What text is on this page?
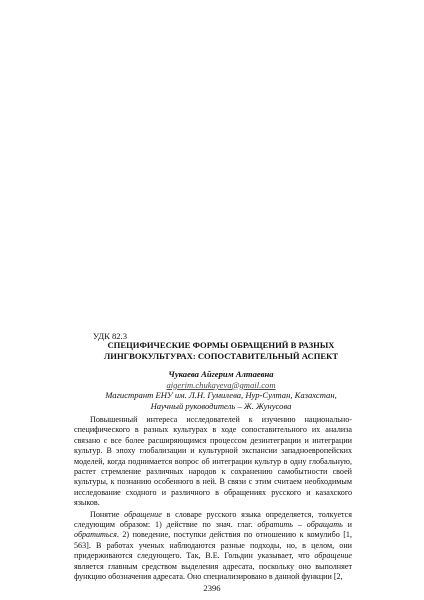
УДК 82.3
СПЕЦИФИЧЕСКИЕ ФОРМЫ ОБРАЩЕНИЙ В РАЗНЫХ
ЛИНГВОКУЛЬТУРАХ: СОПОСТАВИТЕЛЬНЫЙ АСПЕКТ
Чукаева Айгерим Алтаевна
aigerim.chukayeva@gmail.com
Магистрант ЕНУ им. Л.Н. Гумилева, Нур-Султан, Казахстан,
Научный руководитель – Ж. Жунусова

Повышенный интереса исследователей к изучению национально-специфического в разных культурах в ходе сопоставительного их анализа связано с все более расширяющимся процессом дезинтеграции и интеграции культур. В эпоху глобализации и культурной экспансии западноевропейских моделей, когда поднимается вопрос об интеграции культур в одну глобальную, растет стремление различных народов к сохранению самобытности своей культуры, к познанию особенного в ней. В связи с этим считаем необходимым исследование сходного и различного в обращениях русского и казахского языков.

Понятие обращение в словаре русского языка определяется, толкуется следующим образом: 1) действие по знач. глаг. обратить – обращать и обратиться. 2) поведение, поступки действия по отношению к комулибо [1, 563]. В работах ученых наблюдаются разные подходы, но, в целом, они придерживаются следующего. Так, В.Е. Гольдин указывает, что обращение является главным средством выделения адресата, поскольку оно выполняет функцию обозначения адресата. Оно специализировано в данной функции [2,

2396
